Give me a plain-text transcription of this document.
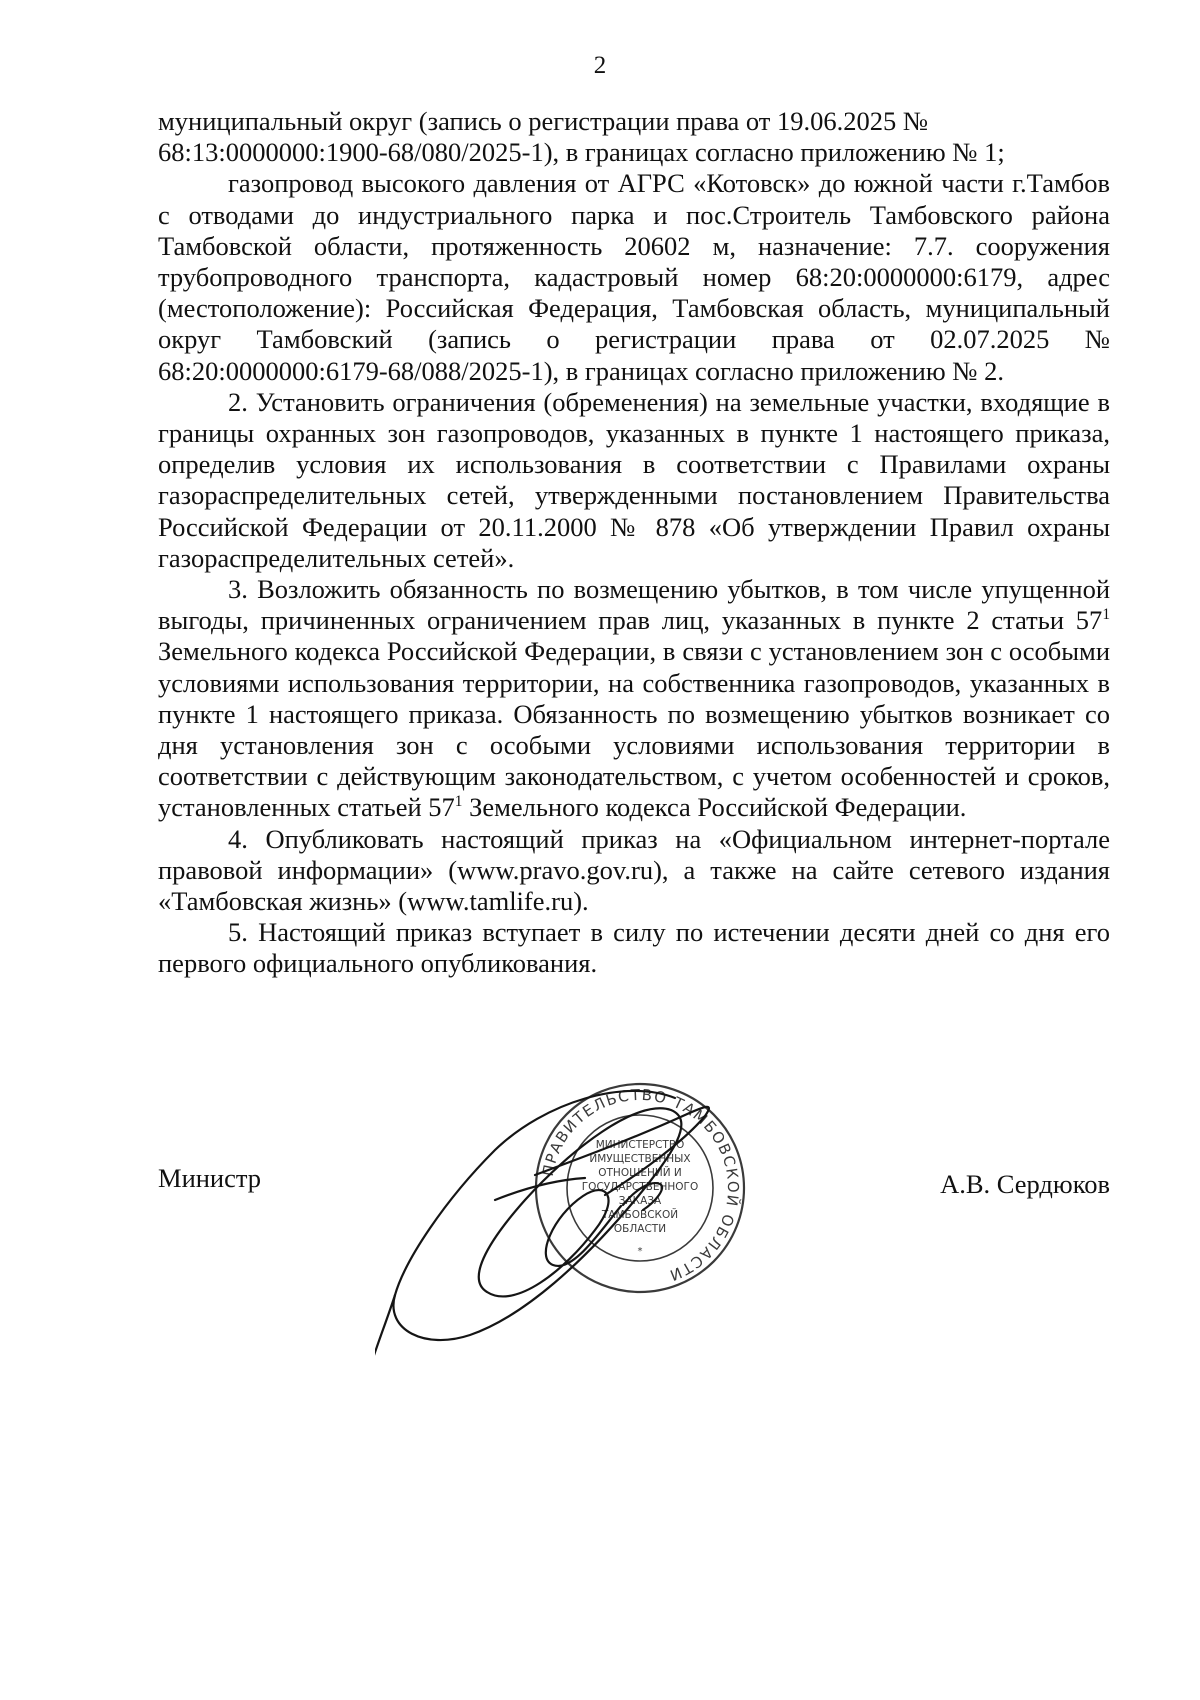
2

муниципальный округ (запись о регистрации права от 19.06.2025 № 68:13:0000000:1900-68/080/2025-1), в границах согласно приложению № 1;

газопровод высокого давления от АГРС «Котовск» до южной части г.Тамбов с отводами до индустриального парка и пос.Строитель Тамбовского района Тамбовской области, протяженность 20602 м, назначение: 7.7. сооружения трубопроводного транспорта, кадастровый номер 68:20:0000000:6179, адрес (местоположение): Российская Федерация, Тамбовская область, муниципальный округ Тамбовский (запись о регистрации права от 02.07.2025 № 68:20:0000000:6179-68/088/2025-1), в границах согласно приложению № 2.

2. Установить ограничения (обременения) на земельные участки, входящие в границы охранных зон газопроводов, указанных в пункте 1 настоящего приказа, определив условия их использования в соответствии с Правилами охраны газораспределительных сетей, утвержденными постановлением Правительства Российской Федерации от 20.11.2000 № 878 «Об утверждении Правил охраны газораспределительных сетей».

3. Возложить обязанность по возмещению убытков, в том числе упущенной выгоды, причиненных ограничением прав лиц, указанных в пункте 2 статьи $57^1$ Земельного кодекса Российской Федерации, в связи с установлением зон с особыми условиями использования территории, на собственника газопроводов, указанных в пункте 1 настоящего приказа. Обязанность по возмещению убытков возникает со дня установления зон с особыми условиями использования территории в соответствии с действующим законодательством, с учетом особенностей и сроков, установленных статьей $57^1$ Земельного кодекса Российской Федерации.

4. Опубликовать настоящий приказ на «Официальном интернет-портале правовой информации» (www.pravo.gov.ru), а также на сайте сетевого издания «Тамбовская жизнь» (www.tamlife.ru).

5. Настоящий приказ вступает в силу по истечении десяти дней со дня его первого официального опубликования.

Министр	А.В. Сердюков
ПРАВИТЕЛЬСТВО ТАМБОВСКОЙ ОБЛАСТИ
МИНИСТЕРСТВО
ИМУЩЕСТВЕННЫХ
ОТНОШЕНИЙ И
ГОСУДАРСТВЕННОГО
ЗАКАЗА
ТАМБОВСКОЙ
ОБЛАСТИ
*
